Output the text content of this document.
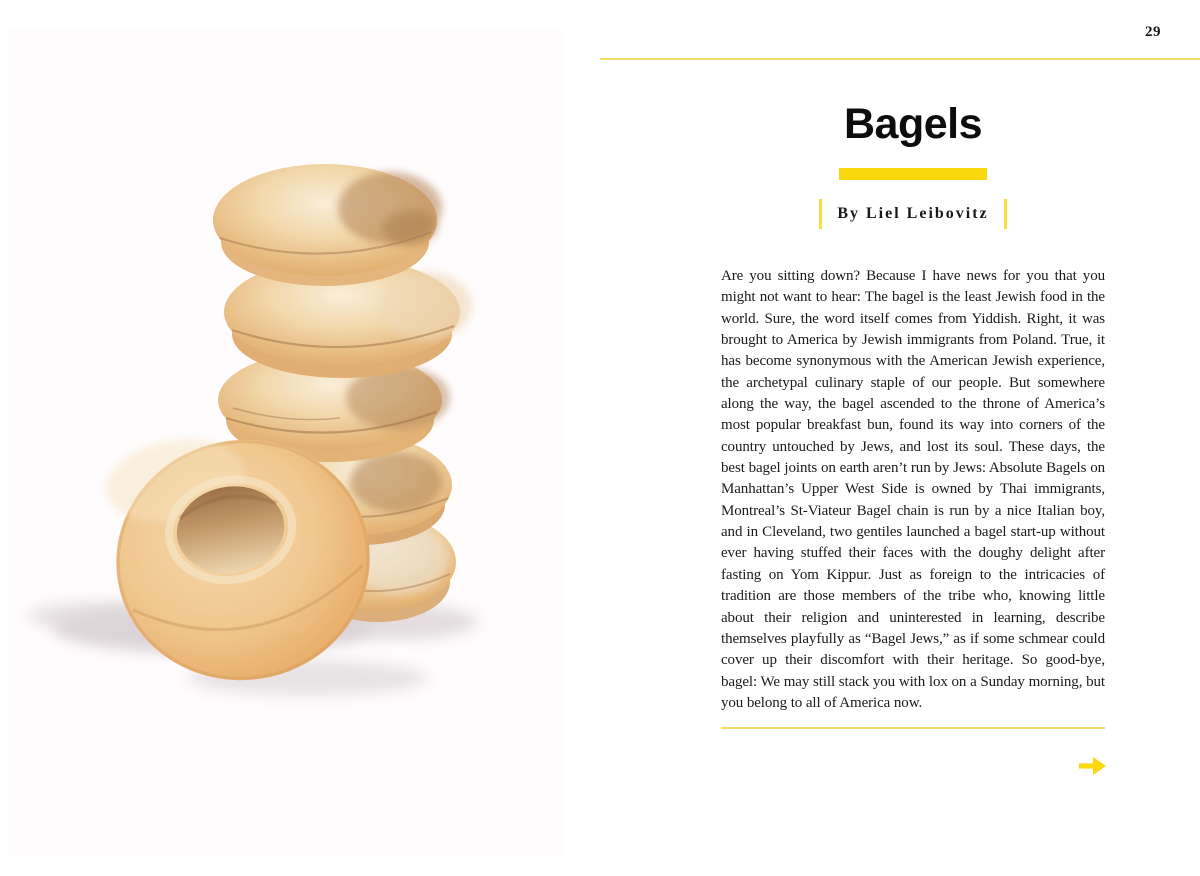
29
Bagels
By Liel Leibovitz

Are you sitting down? Because I have news for you that you might not want to hear: The bagel is the least Jewish food in the world. Sure, the word itself comes from Yiddish. Right, it was brought to America by Jewish immigrants from Poland. True, it has become synonymous with the American Jewish experience, the archetypal culinary staple of our people. But somewhere along the way, the bagel ascended to the throne of America’s most popular breakfast bun, found its way into corners of the country untouched by Jews, and lost its soul. These days, the best bagel joints on earth aren’t run by Jews: Absolute Bagels on Manhattan’s Upper West Side is owned by Thai immigrants, Montreal’s St-Viateur Bagel chain is run by a nice Italian boy, and in Cleveland, two gentiles launched a bagel start-up without ever having stuffed their faces with the doughy delight after fasting on Yom Kippur. Just as foreign to the intricacies of tradition are those members of the tribe who, knowing little about their religion and uninterested in learning, describe themselves playfully as “Bagel Jews,” as if some schmear could cover up their discomfort with their heritage. So good-bye, bagel: We may still stack you with lox on a Sunday morning, but you belong to all of America now.
